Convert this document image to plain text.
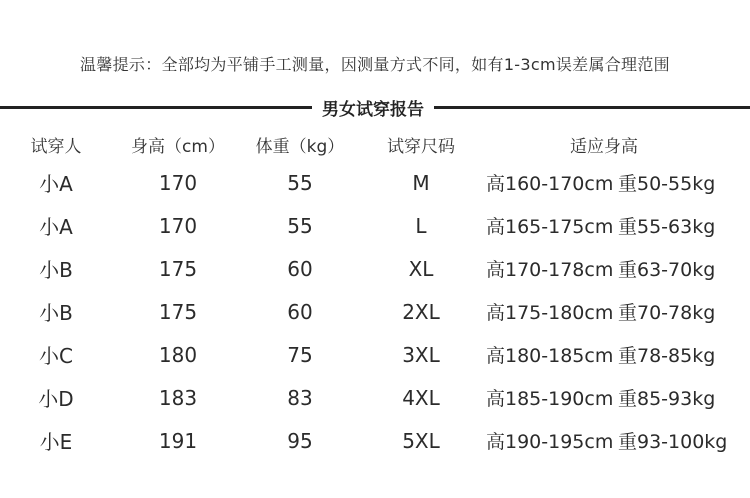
温馨提示：全部均为平铺手工测量，因测量方式不同，如有1-3cm误差属合理范围
男女试穿报告
试穿人	身高（cm）	体重（kg）	试穿尺码	适应身高
小A	170	55	M	高160-170cm 重50-55kg
小A	170	55	L	高165-175cm 重55-63kg
小B	175	60	XL	高170-178cm 重63-70kg
小B	175	60	2XL	高175-180cm 重70-78kg
小C	180	75	3XL	高180-185cm 重78-85kg
小D	183	83	4XL	高185-190cm 重85-93kg
小E	191	95	5XL	高190-195cm 重93-100kg
